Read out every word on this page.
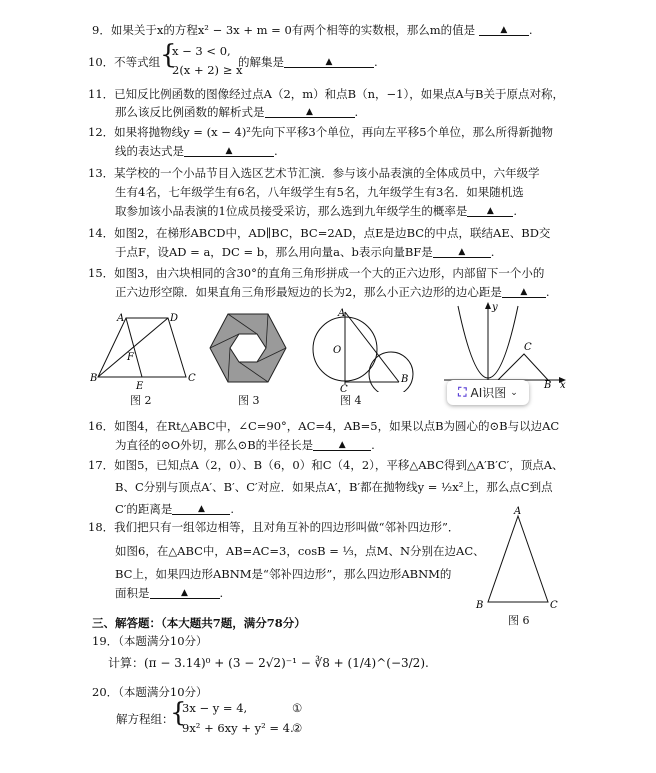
9．如果关于x的方程x² − 3x + m = 0有两个相等的实数根，那么m的值是	▲ .
10．不等式组 {
x − 3 < 0,
2(x + 2) ≥ x
的解集是	▲	.
11．已知反比例函数的图像经过点A（2，m）和点B（n，−1），如果点A与B关于原点对称，
那么该反比例函数的解析式是	▲	.
12．如果将抛物线y = (x − 4)²先向下平移3个单位，再向左平移5个单位，那么所得新抛物
线的表达式是	▲	.
13．某学校的一个小品节目入选区艺术节汇演．参与该小品表演的全体成员中，六年级学
生有4名，七年级学生有6名，八年级学生有5名，九年级学生有3名．如果随机选
取参加该小品表演的1位成员接受采访，那么选到九年级学生的概率是 ▲ .
14．如图2，在梯形ABCD中，AD∥BC，BC=2AD，点E是边BC的中点，联结AE、BD交
于点F，设AD = a，DC = b，那么用向量a、b表示向量BF是	▲ .
15．如图3，由六块相同的含30°的直角三角形拼成一个大的正六边形，内部留下一个小的
正六边形空隙．如果直角三角形最短边的长为2，那么小正六边形的边心距是 ▲ .
A	D
B	C
E
F
图 2	图 3
A
O
C
B
图 4
y
C
B x
⛶ AI识图 ⌄
16．如图4，在Rt△ABC中，∠C=90°，AC=4，AB=5，如果以点B为圆心的⊙B与以边AC
为直径的⊙O外切，那么⊙B的半径长是	▲ .
17．如图5，已知点A（2，0）、B（6，0）和C（4，2），平移△ABC得到△A′B′C′，顶点A、
B、C分别与顶点A′、B′、C′对应．如果点A′，B′都在抛物线y = ½x²上，那么点C到点
C′的距离是	▲ .
18．我们把只有一组邻边相等，且对角互补的四边形叫做“邻补四边形”．
如图6，在△ABC中，AB=AC=3，cosB = ⅓，点M、N分别在边AC、
BC上，如果四边形ABNM是“邻补四边形”，那么四边形ABNM的
面积是	▲	.
A
B	C
图 6
三、解答题：（本大题共7题，满分78分）
19．（本题满分10分）
计算：(π − 3.14)⁰ + (3 − 2√2)⁻¹ − ∛8 + (1/4)^(−3/2).
20．（本题满分10分）
解方程组：
{
3x − y = 4,
9x² + 6xy + y² = 4.
①
②
